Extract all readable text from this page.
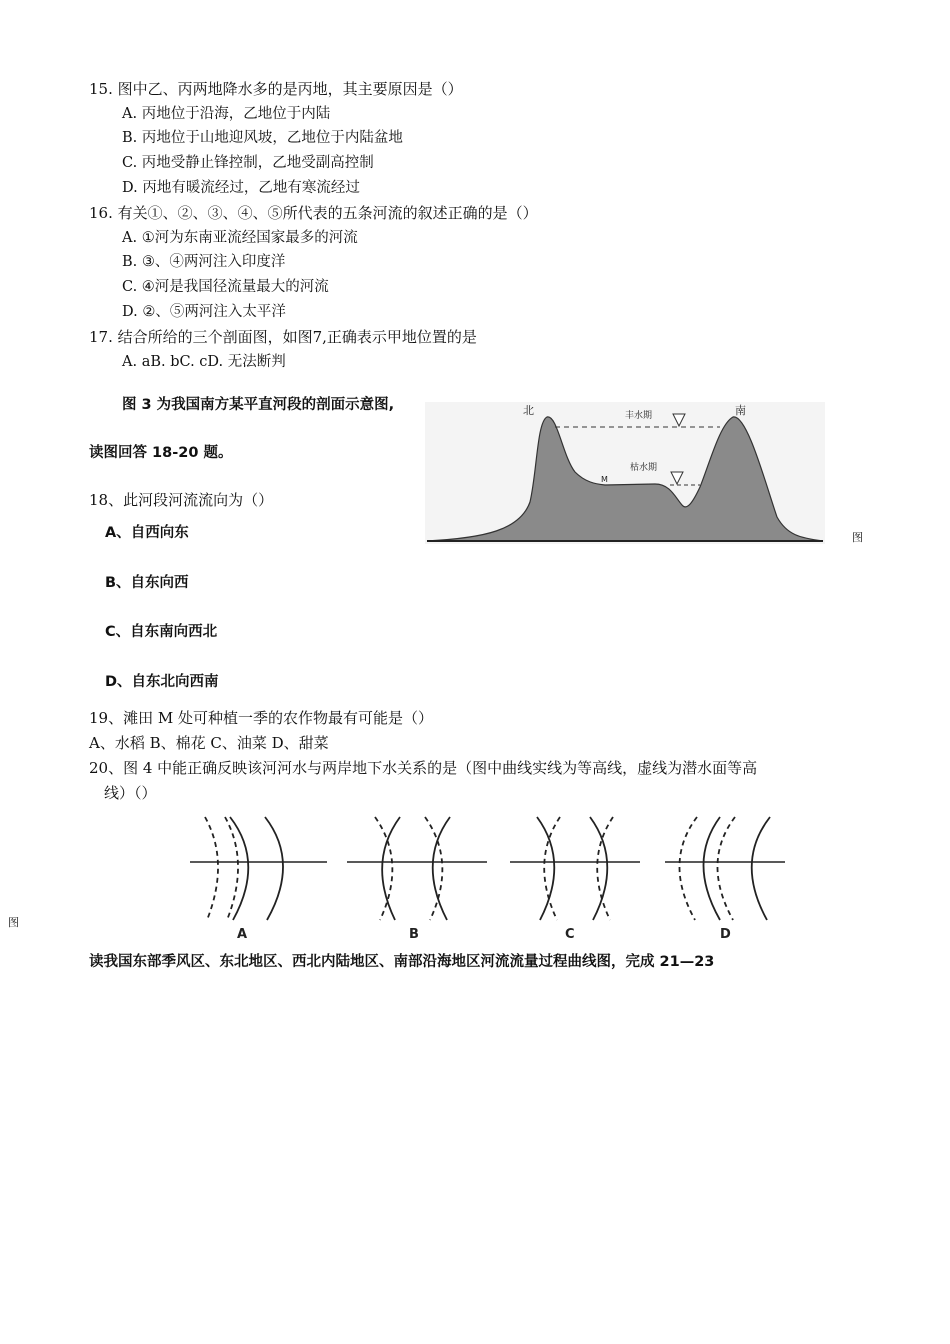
15. 图中乙、丙两地降水多的是丙地，其主要原因是（）
A. 丙地位于沿海，乙地位于内陆
B. 丙地位于山地迎风坡，乙地位于内陆盆地
C. 丙地受静止锋控制，乙地受副高控制
D. 丙地有暖流经过，乙地有寒流经过
16. 有关①、②、③、④、⑤所代表的五条河流的叙述正确的是（）
A. ①河为东南亚流经国家最多的河流
B. ③、④两河注入印度洋
C. ④河是我国径流量最大的河流
D. ②、⑤两河注入太平洋
17. 结合所给的三个剖面图，如图7,正确表示甲地位置的是
A. aB. bC. cD. 无法断判
图 3 为我国南方某平直河段的剖面示意图,
读图回答 18-20 题。
北	南
丰水期
枯水期
M
图
18、此河段河流流向为（）
A、自西向东
B、自东向西
C、自东南向西北
D、自东北向西南
19、滩田 M 处可种植一季的农作物最有可能是（）
A、水稻 B、棉花 C、油菜 D、甜菜
20、图 4 中能正确反映该河河水与两岸地下水关系的是（图中曲线实线为等高线，虚线为潜水面等高
线）（）
A	B	C	D
图
读我国东部季风区、东北地区、西北内陆地区、南部沿海地区河流流量过程曲线图，完成 21—23
